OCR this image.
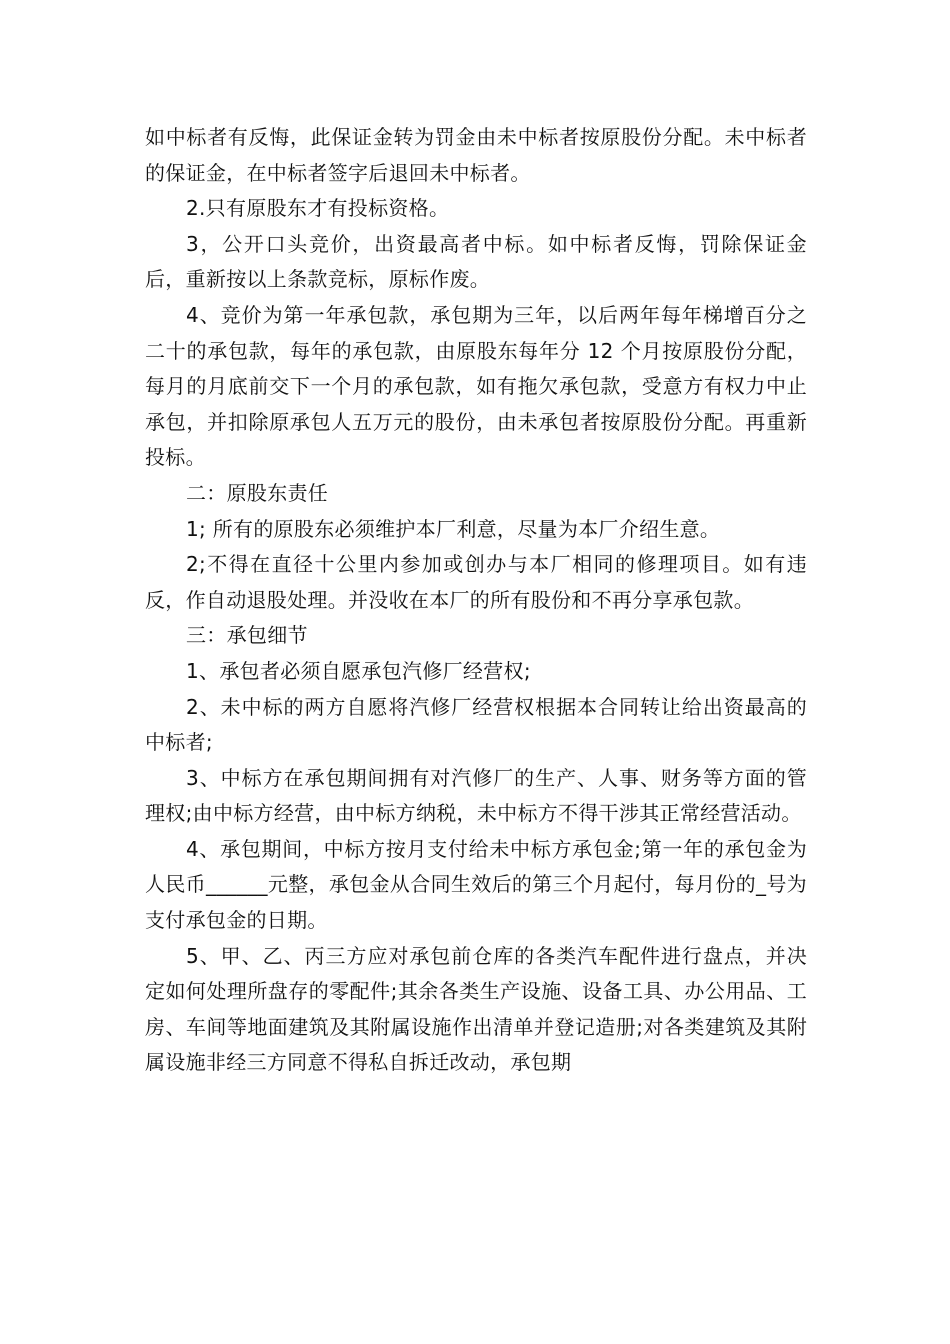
如中标者有反悔，此保证金转为罚金由未中标者按原股份分配。未中标者的保证金，在中标者签字后退回未中标者。

2.只有原股东才有投标资格。

3，公开口头竞价，出资最高者中标。如中标者反悔，罚除保证金后，重新按以上条款竞标，原标作废。

4、竞价为第一年承包款，承包期为三年，以后两年每年梯增百分之二十的承包款，每年的承包款，由原股东每年分 12 个月按原股份分配，每月的月底前交下一个月的承包款，如有拖欠承包款，受意方有权力中止承包，并扣除原承包人五万元的股份，由未承包者按原股份分配。再重新投标。

二：原股东责任

1; 所有的原股东必须维护本厂利意，尽量为本厂介绍生意。

2;不得在直径十公里内参加或创办与本厂相同的修理项目。如有违反，作自动退股处理。并没收在本厂的所有股份和不再分享承包款。

三：承包细节

1、承包者必须自愿承包汽修厂经营权;

2、未中标的两方自愿将汽修厂经营权根据本合同转让给出资最高的中标者;

3、中标方在承包期间拥有对汽修厂的生产、人事、财务等方面的管理权;由中标方经营，由中标方纳税，未中标方不得干涉其正常经营活动。

4、承包期间，中标方按月支付给未中标方承包金;第一年的承包金为人民币______元整，承包金从合同生效后的第三个月起付，每月份的_号为支付承包金的日期。

5、甲、乙、丙三方应对承包前仓库的各类汽车配件进行盘点，并决定如何处理所盘存的零配件;其余各类生产设施、设备工具、办公用品、工房、车间等地面建筑及其附属设施作出清单并登记造册;对各类建筑及其附属设施非经三方同意不得私自拆迁改动，承包期
